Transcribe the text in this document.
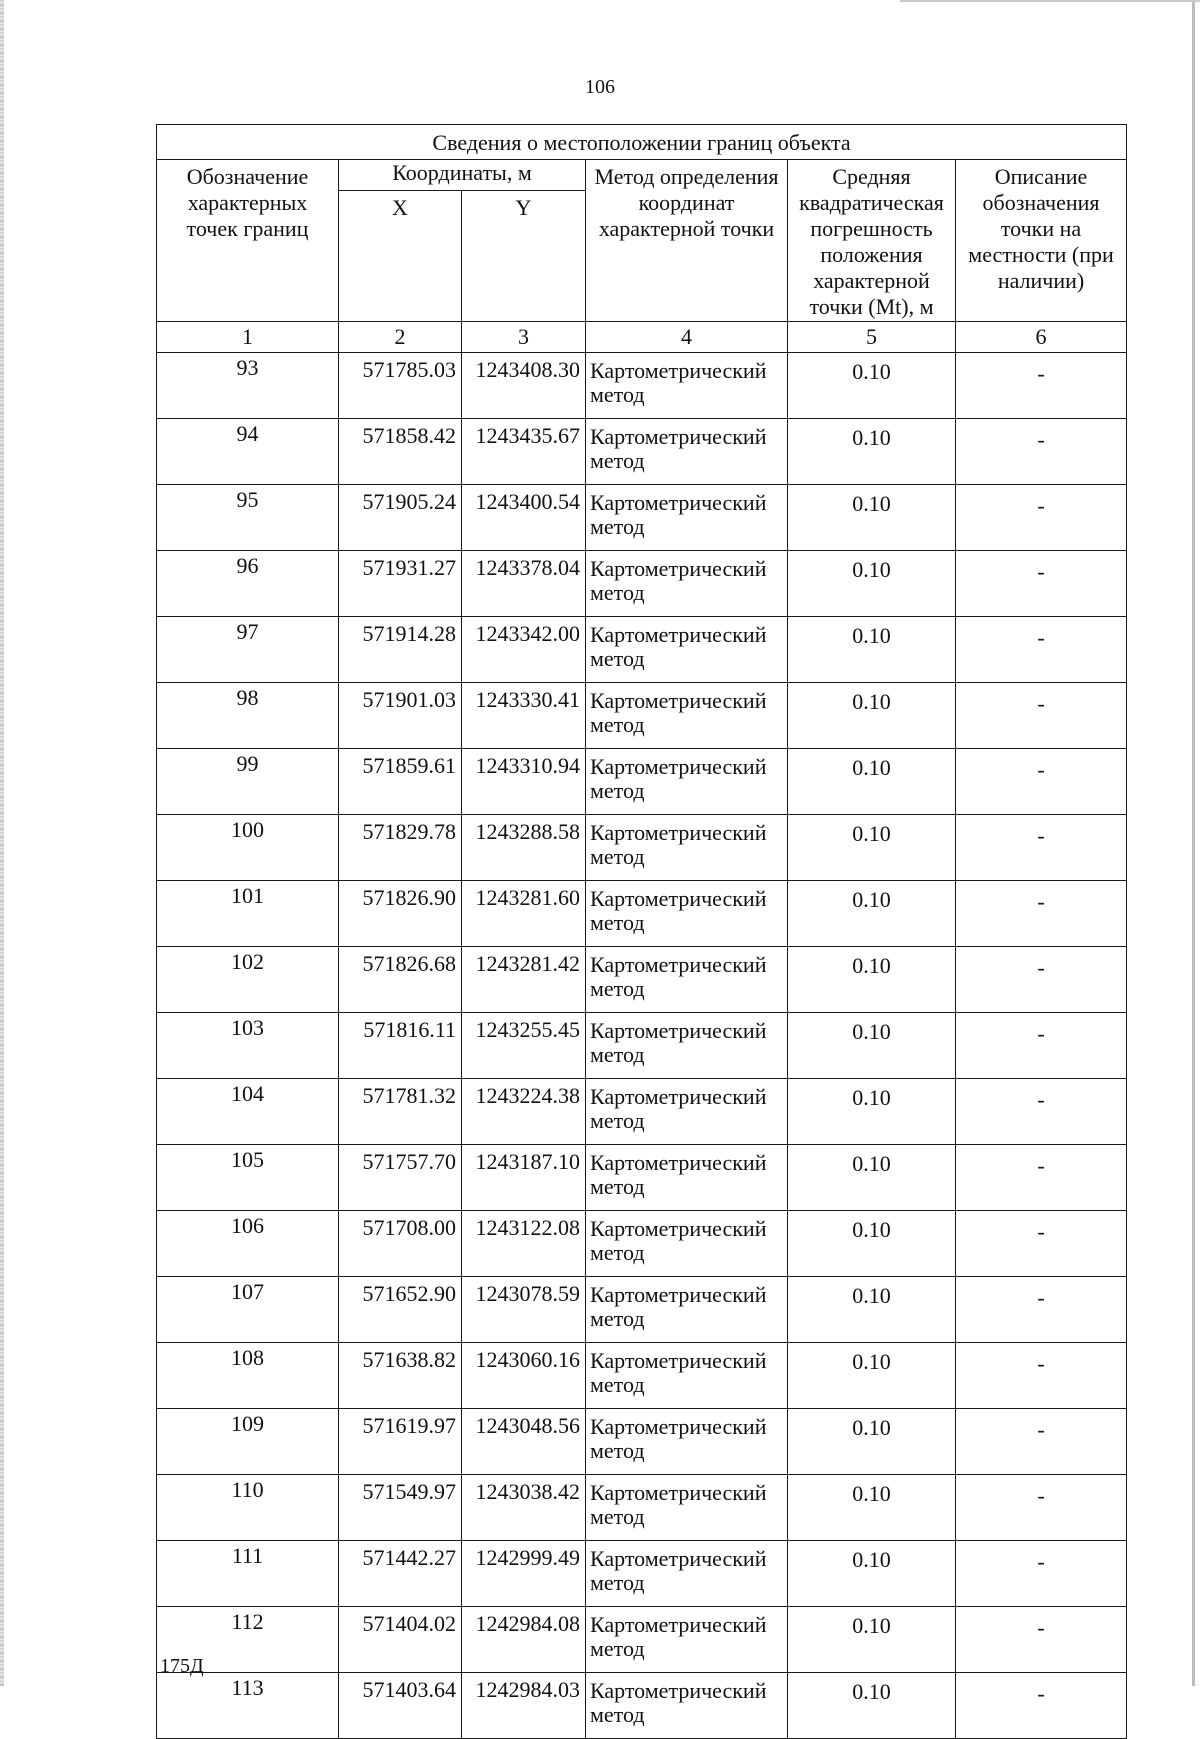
106
Сведения о местоположении границ объекта					
Обозначение характерных точек границ	Координаты, м		Метод определения координат характерной точки	Средняя квадратическая погрешность положения характерной точки (Mt), м	Описание обозначения точки на местности (при наличии)
	X	Y			
1	2	3	4	5	6
93	571785.03	1243408.30	Картометрический метод	0.10	-
94	571858.42	1243435.67	Картометрический метод	0.10	-
95	571905.24	1243400.54	Картометрический метод	0.10	-
96	571931.27	1243378.04	Картометрический метод	0.10	-
97	571914.28	1243342.00	Картометрический метод	0.10	-
98	571901.03	1243330.41	Картометрический метод	0.10	-
99	571859.61	1243310.94	Картометрический метод	0.10	-
100	571829.78	1243288.58	Картометрический метод	0.10	-
101	571826.90	1243281.60	Картометрический метод	0.10	-
102	571826.68	1243281.42	Картометрический метод	0.10	-
103	571816.11	1243255.45	Картометрический метод	0.10	-
104	571781.32	1243224.38	Картометрический метод	0.10	-
105	571757.70	1243187.10	Картометрический метод	0.10	-
106	571708.00	1243122.08	Картометрический метод	0.10	-
107	571652.90	1243078.59	Картометрический метод	0.10	-
108	571638.82	1243060.16	Картометрический метод	0.10	-
109	571619.97	1243048.56	Картометрический метод	0.10	-
110	571549.97	1243038.42	Картометрический метод	0.10	-
111	571442.27	1242999.49	Картометрический метод	0.10	-
112	571404.02	1242984.08	Картометрический метод	0.10	-
113	571403.64	1242984.03	Картометрический метод	0.10	-
175Д
